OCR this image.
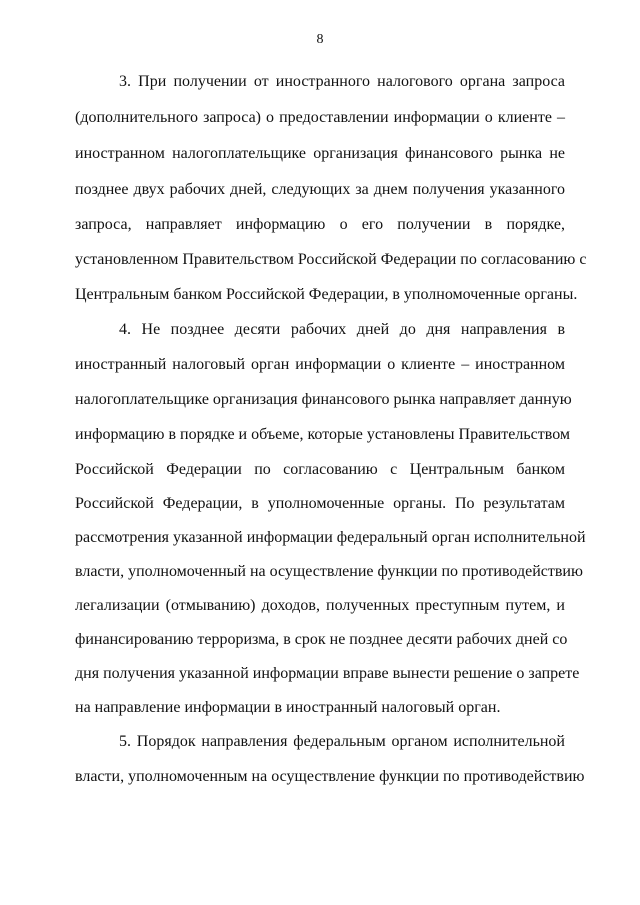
8
3. При получении от иностранного налогового органа запроса
(дополнительного запроса) о предоставлении информации о клиенте –
иностранном налогоплательщике организация финансового рынка не
позднее двух рабочих дней, следующих за днем получения указанного
запроса, направляет информацию о его получении в порядке,
установленном Правительством Российской Федерации по согласованию с
Центральным банком Российской Федерации, в уполномоченные органы.
4. Не позднее десяти рабочих дней до дня направления в
иностранный налоговый орган информации о клиенте – иностранном
налогоплательщике организация финансового рынка направляет данную
информацию в порядке и объеме, которые установлены Правительством
Российской Федерации по согласованию с Центральным банком
Российской Федерации, в уполномоченные органы. По результатам
рассмотрения указанной информации федеральный орган исполнительной
власти, уполномоченный на осуществление функции по противодействию
легализации (отмыванию) доходов, полученных преступным путем, и
финансированию терроризма, в срок не позднее десяти рабочих дней со
дня получения указанной информации вправе вынести решение о запрете
на направление информации в иностранный налоговый орган.
5. Порядок направления федеральным органом исполнительной
власти, уполномоченным на осуществление функции по противодействию
